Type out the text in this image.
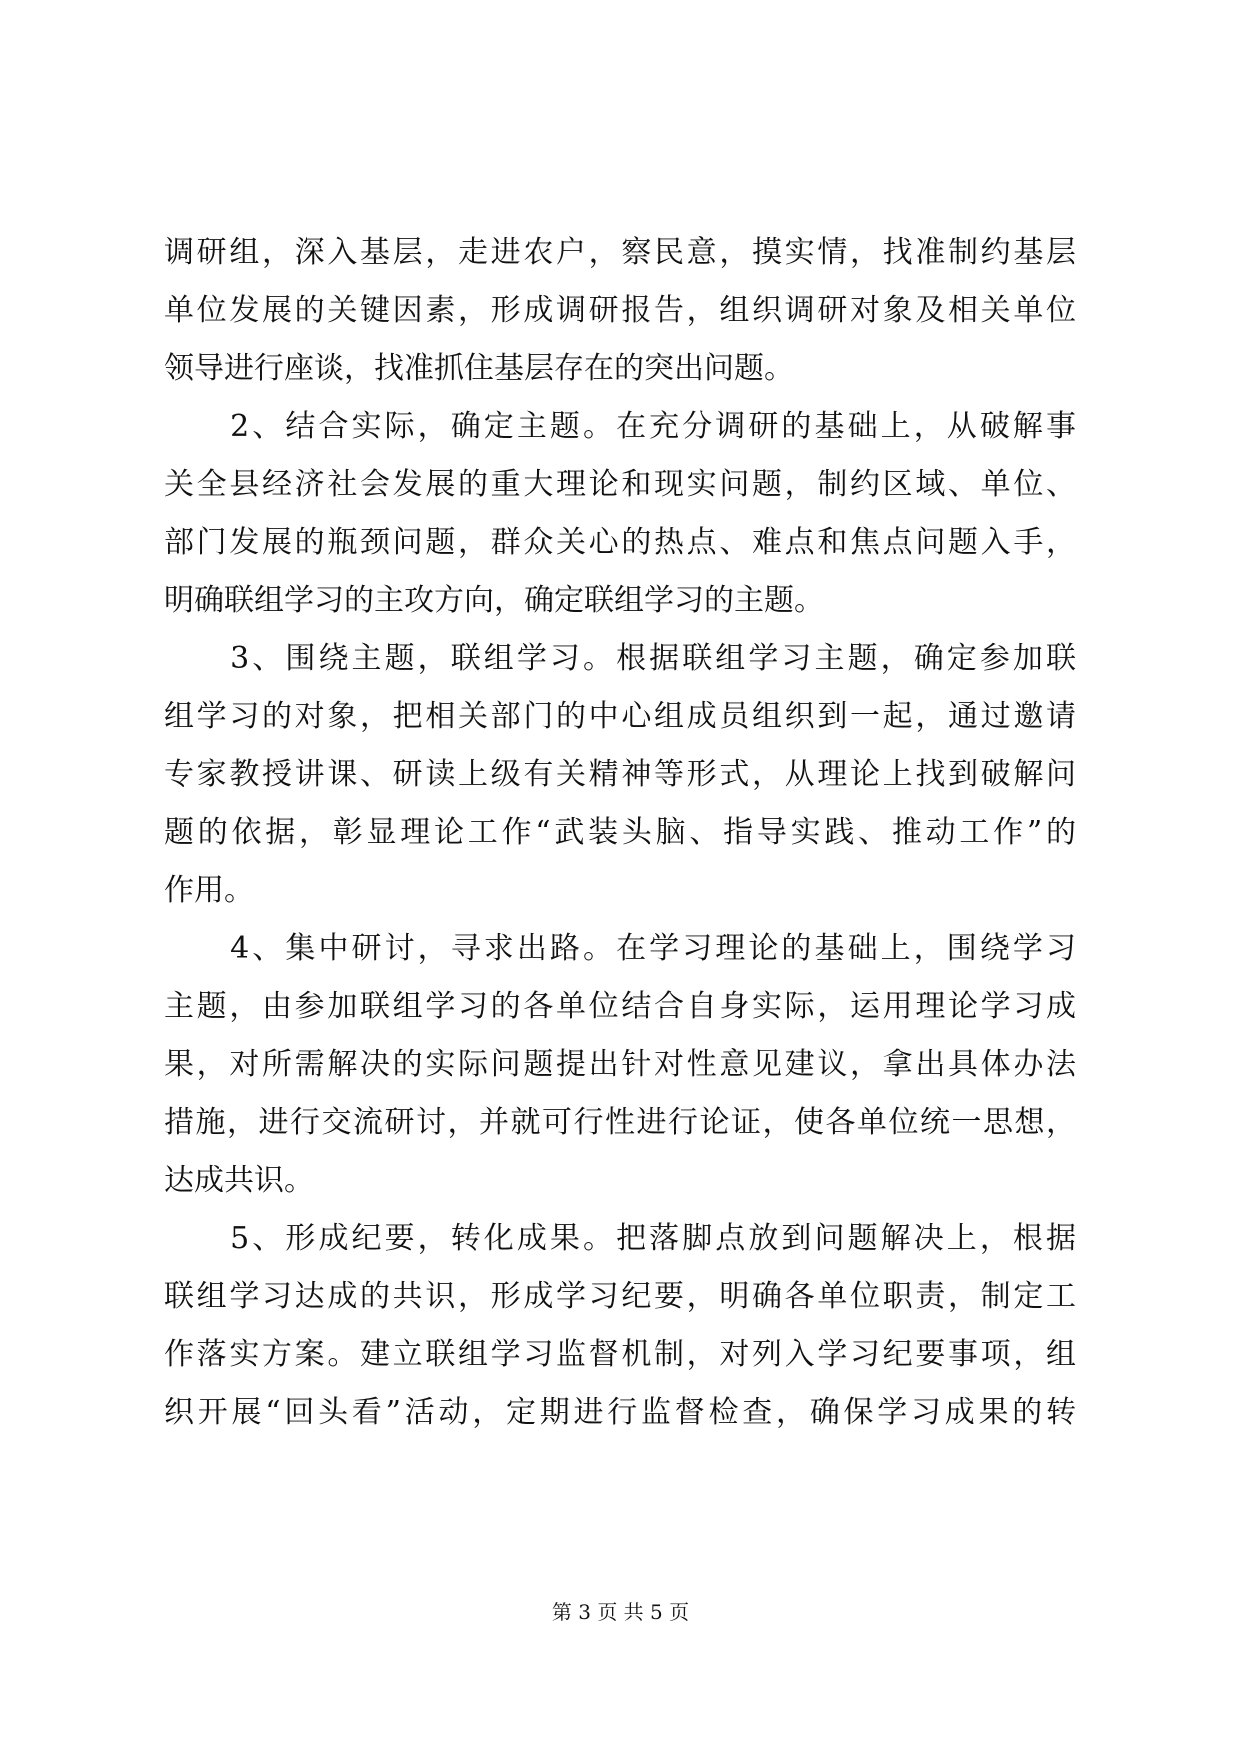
调研组，深入基层，走进农户，察民意，摸实情，找准制约基层
单位发展的关键因素，形成调研报告，组织调研对象及相关单位
领导进行座谈，找准抓住基层存在的突出问题。
　　2、结合实际，确定主题。在充分调研的基础上，从破解事
关全县经济社会发展的重大理论和现实问题，制约区域、单位、
部门发展的瓶颈问题，群众关心的热点、难点和焦点问题入手，
明确联组学习的主攻方向，确定联组学习的主题。
　　3、围绕主题，联组学习。根据联组学习主题，确定参加联
组学习的对象，把相关部门的中心组成员组织到一起，通过邀请
专家教授讲课、研读上级有关精神等形式，从理论上找到破解问
题的依据，彰显理论工作“武装头脑、指导实践、推动工作”的
作用。
　　4、集中研讨，寻求出路。在学习理论的基础上，围绕学习
主题，由参加联组学习的各单位结合自身实际，运用理论学习成
果，对所需解决的实际问题提出针对性意见建议，拿出具体办法
措施，进行交流研讨，并就可行性进行论证，使各单位统一思想，
达成共识。
　　5、形成纪要，转化成果。把落脚点放到问题解决上，根据
联组学习达成的共识，形成学习纪要，明确各单位职责，制定工
作落实方案。建立联组学习监督机制，对列入学习纪要事项，组
织开展“回头看”活动，定期进行监督检查，确保学习成果的转
第 3 页 共 5 页
